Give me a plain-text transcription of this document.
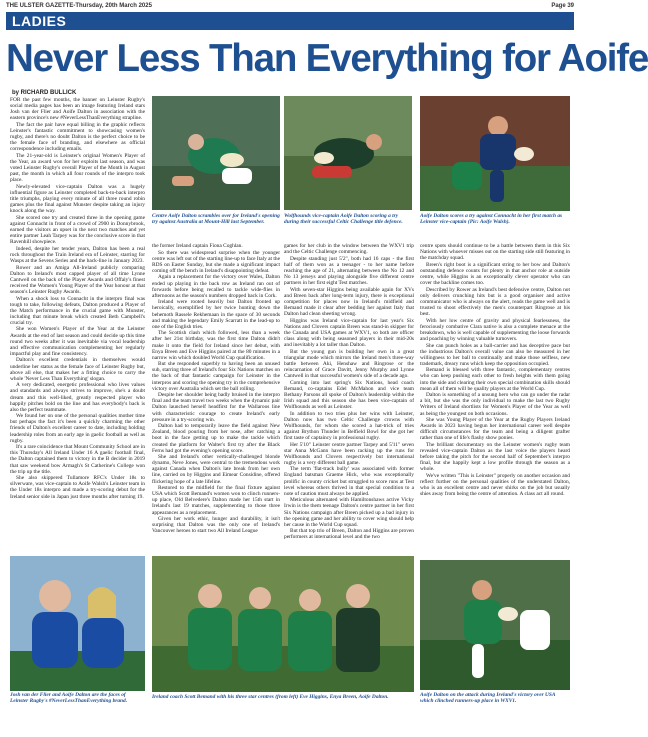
THE ULSTER GAZETTE-Thursday, 20th March 2025	Page 39
LADIES
Never Less Than Everything for Aoife
by RICHARD BULLICK

FOR the past few months, the banner on Leinster Rugby's social media pages has been an image featuring Ireland stars Josh van der Flier and Aoife Dalton in association with the eastern province's new #NeverLessThanEverything strapline.

The fact the pair have equal billing in the graphic reflects Leinster's fantastic commitment to showcasing women's rugby, and there's no doubt Dalton is the perfect choice to be the female face of branding, and elsewhere as official correspondence including emails.

The 21-year-old is Leinster's original Women's Player of the Year, an award won for her exploits last season, and was voted Leinster Rugby's overall Player of the Month in August past, the month in which all four rounds of the interpro took place.

Newly-elevated vice-captain Dalton was a hugely influential figure as Leinster completed back-to-back interpro title triumphs, playing every minute of all three round robin games plus the final against Munster despite taking an injury knock along the way.

She scored one try and created three in the opening game against Connacht in front of a crowd of 2900 in Donnybrook, earned the visitors an upset in the next two matches and yet entire partner Leah Tarpey was for the conclusive score in that Ravenhill showpiece.

Indeed, despite her tender years, Dalton has been a real rock throughout the Train Ireland era of Leinster, starring for Wasps at the Sevens Series and the back-line in January 2023.

Rower and an Amiga All-Ireland publicly comparing Dalton to Ireland's most capped player of all time Lynne Cantwell on the back of the Player Awards and Offaly's finest received the Women's Young Player of the Year honour at that season's Leinster Rugby Awards.

When a shock loss to Connacht in the interpro final was tough to take, following defeats, Dalton produced a Player of the Match performance in the crucial game with Munster, including that minute break which created Beth Campbell's crucial try.

She won Women's Player of the Year at the Leinster Awards at the end of last season and could decide up this time round two weeks after it was inevitable via vocal leadership and effective communication complementing her regularly impactful play and fine consistency.

Dalton's excellent credentials in themselves would underline her status as the female face of Leinster Rugby but, above all else, that makes her a fitting choice to carry the whole 'Never Less Than Everything' slogan.

A very dedicated, energetic professional who lives values and standards and always strives to improve, she's a doubt dream and this well-liked, greatly respected player who happily pitches bold on the line and has everybody's back is also the perfect teammate.

We found her on one of the personal qualities mother time but perhaps the fact it's been a quickly charming the other friends of Dalton's excellent career to date, including holding leadership roles from an early age in gaelic football as well as rugby.

It's a rare coincidence that Mount Community School are in this Thursday's All Ireland Under 16 A gaelic football final, the Dalton captained them to victory in the B decider in 2019 that saw weekend bow Armagh's St Catherine's College won the trip up the title.

She also skippered Tullamore RFC's Under 18s to silverware, was vice-captain to Aoife Walsh's Leinster team in the Under 18s interpro and made a try-scoring debut for the Ireland senior side in Japan just three months after turning 19.

Centre Aoife Dalton scrambles over for Ireland's opening try against Australia at Mount-Hill last September.
Wolfhounds vice-captain Aoife Dalton scoring a try during their successful Celtic Challenge title defence.
Aoife Dalton scores a try against Connacht in her first match as Leinster vice-captain (Pic: Aoife Walsh).

the former Ireland captain Fiona Coghlan.

So there was widespread surprise when the younger centre was left out of the starting line-up to face Italy at the RDS on Easter Sunday, but she made a significant impact coming off the bench in Ireland's disappointing defeat.

Again a replacement for the victory over Wales, Dalton ended up playing in the back row as Ireland ran out of forwards before being recalled to tackle wide-flies in afternoons as the season's numbers dropped back in Cork.

Ireland were rooted heavily but Dalton fronted up heroically, exemplified by her twice hunting down the behemoth Rassele Rekhemaan in the space of 30 seconds and making the legendary Emily Scarratt in the lead-up to one of the English tries.

The Scottish clash which followed, less than a week after her 21st birthday, was the first time Dalton didn't make it onto the field for Ireland since her debut, with Enya Breen and Eve Higgins paired at the 80 minutes in a narrow win which doubled World Cup qualification.

But she responded superbly to having been an unused sub, starring three of Ireland's four Six Nations matches on the back of that fantastic campaign for Leinster in the interpros and scoring the opening try in the comprehensive victory over Australia which set the ball rolling.

Despite her shoulder being badly bruised in the interpro final and the team travel two weeks when the dynamic pair Dalton launched herself headfirst for the Wallaroos line with characteristic courage to create Ireland's early pressure in a try-scoring win.

Dalton had to temporarily leave the field against New Zealand, blood pouring from her nose, after catching a boot in the face getting up to make the tackle which created the platform for Walter's first try after the Black Ferns had got the evening's opening score.

She and Ireland's other vertically-challenged blonde dynamo, Neve Jones, were central to the tremendous work against Canada when Dalton's late break from her own line, carried on by Higgins and Eimear Considine, offered flickering hope of a late lifeline.

Restored to the midfield for the final fixture against USA which Scott Bemand's women won to clinch runners-up place, Old Belvedere's Dalton made her 15th start in Ireland's last 19 matches, supplementing to those three appearances as a replacement.

Given her work ethic, hunger and durability, it isn't surprising that Dalton was the only one of Ireland's Vancouver heroes to start two All Ireland League

games for her club in the window between the WXV1 trip and the Celtic Challenge commencing.

Despite standing just 5'2", both had 16 caps - the first half of them won as a teenager - to her name before reaching the age of 21, alternating between the No 12 and No 13 jerseys and playing alongside five different centre partners in her first eight Test matches.

With seven-star Higgins being available again for XVs and Breen back after long-term injury, there is exceptional competition for places now in Ireland's midfield and Bemand made it clear after bedding her against Italy that Dalton had clean sheeting wrong.

Higgins was Ireland vice-captain for last year's Six Nations and Clovers captain Breen was stand-in skipper for the Canada and USA games at WXV1, so both are officer class along with being seasoned players in their mid-20s and inevitably a lot taller than Dalton.

But the young gun is building her own in a great triangular mode which mirrors the Ireland men's three-way battle between Aki, Henshaw and Ringrose or the reincarnation of Grace Davitt, Jenny Murphy and Lynne Cantwell in that successful women's side of a decade ago.

Coming into last spring's Six Nations, head coach Bemand, co-captains Edel McMahon and vice team Bethany Parsons all spoke of Dalton's leadership within the Irish squad and this season she has been vice-captain of Wolfhounds as well as Leinster.

In addition to two tries plus her wins with Leinster, Dalton now has two Celtic Challenge crowns with Wolfhounds, for whom she scored a hat-trick of tries against Brython Thunder in Belfield Bowl for she got her first taste of captaincy in professional rugby.

Her 5'10" Leinster centre partner Tarpey and 5'11" seven star Anna McGann have been racking up the runs for Wolfhounds and Clovers respectively but international rugby is a very different ball game.

The term 'flat-track bully' was associated with former England batsman Graeme Hick, who was exceptionally prolific in county cricket but struggled to score runs at Test level whereas others thrived in that special condition to a note of caution must always be applied.

Meticulous alternated with Hamiltonshaws active Vicky Irwin is the them teenage Dalton's centre partner in her first Six Nations campaign after Breen picked up a bad injury in the opening game and her ability to cover wing should help her cause in the World Cup squad.

But that top trio of Breen, Dalton and Higgins are proven performers at international level and the two

centre spots should continue to be a battle between them in this Six Nations with whoever misses out on the starting side still featuring in the matchday squad.

Breen's right boot is a significant string to her bow and Dalton's outstanding defence counts for plenty in that anchor role at outside centre, while Higgins is an exceptionally clever operator who can cover the backline comes too.

Described by Rower as Ireland's best defensive centre, Dalton not only delivers crunching hits but is a good organiser and active communicator who is always on the alert, reads the game well and is trusted to shoot effectively the men's counterpart Ringrose at his best.

With her low centre of gravity and physical fearlessness, the ferociously combative Clara native is also a complete menace at the breakdown, who is well capable of supplementing the loose forwards and poaching by winning valuable turnovers.

She can punch holes as a ball-carrier and has deceptive pace but the industrious Dalton's overall value can also be measured in her willingness to her ball to continually and make those selfless, new trademark, dreary runs which keep the opposition occupied.

Bemand is blessed with three fantastic, complementary centres who can keep pushing each other to fresh heights with them going into the side and clearing their own special combination skills should mean all of them will be quality players at the World Cup.

Dalton is something of a unsung hero who can go under the radar a bit, but she was the only individual to make the last two Rugby Writers of Ireland shortlists for Women's Player of the Year as well as being the youngest on both occasions.

She was Young Player of the Year at the Rugby Players Ireland Awards in 2023 having begun her international career well despite difficult circumstances for the team and being a diligent grafter rather than one of life's flashy show ponies.

The brilliant documentary on the Leinster women's rugby team revealed vice-captain Dalton as the last voice the players heard before taking the pitch for the second half of September's interpro final, but she happily kept a low profile through the season as a whole.

We've written "This is Leinster" properly on another occasion and reflect further on the personal qualities of the understated Dalton, who is an excellent centre and never shirks on the job but usually shies away from being the centre of attention. A class act all round.

Josh van der Flier and Aoife Dalton are the faces of Leinster Rugby's #NeverLessThanEverything brand.
Ireland coach Scott Bemand with his three star centres (from left) Eve Higgins, Enya Breen, Aoife Dalton.	Aoife Dalton on the attack during Ireland's victory over USA which clinched runners-up place in WXV1.
